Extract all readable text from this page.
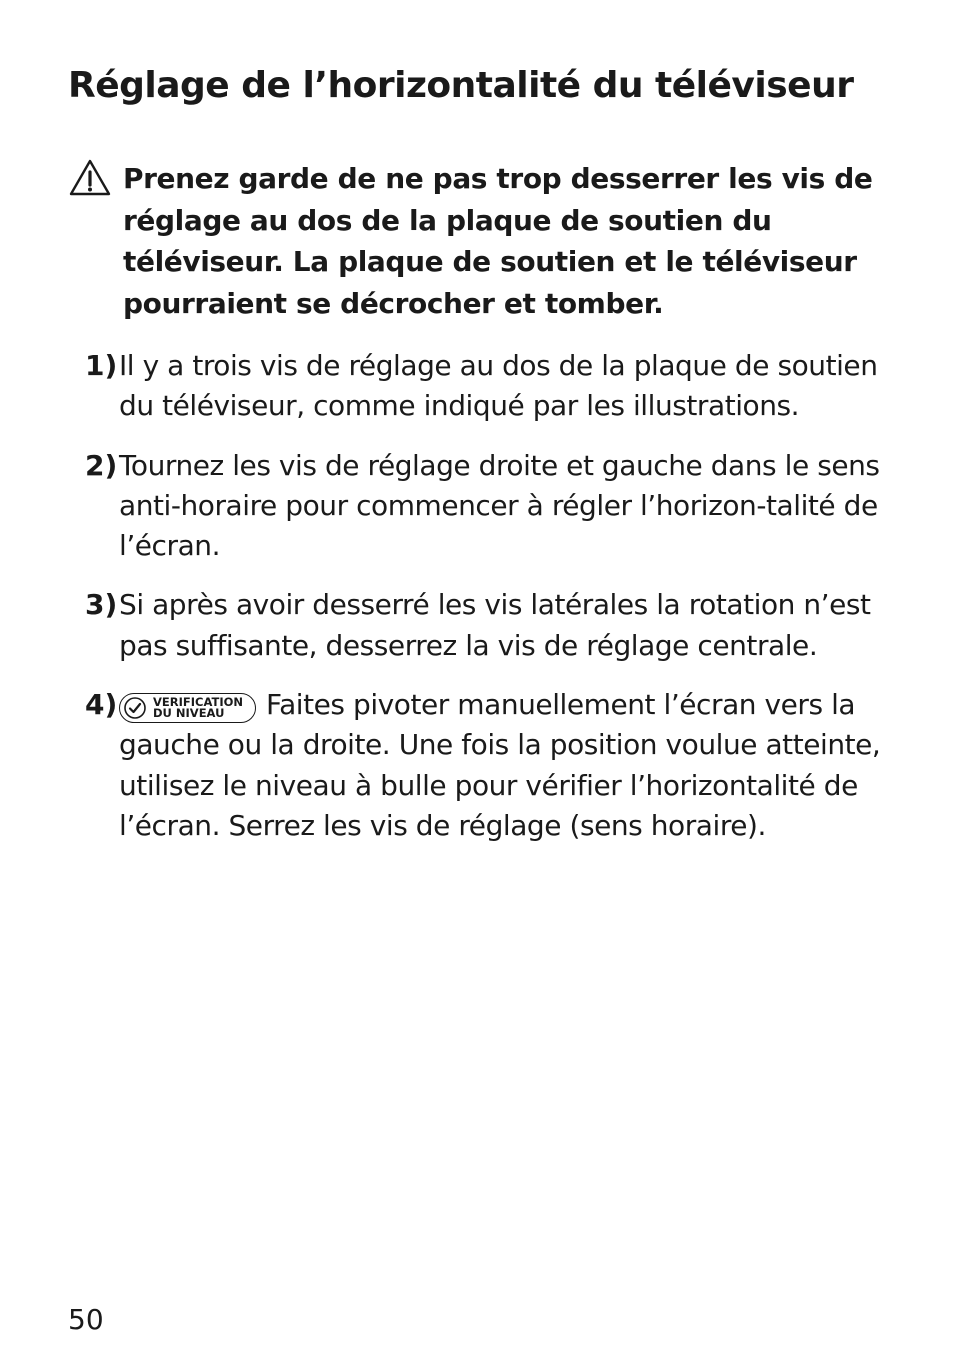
Réglage de l’horizontalité du téléviseur

Prenez garde de ne pas trop desserrer les vis de réglage au dos de la plaque de soutien du téléviseur. La plaque de soutien et le téléviseur pourraient se décrocher et tomber.

1) Il y a trois vis de réglage au dos de la plaque de soutien du téléviseur, comme indiqué par les illustrations.

2) Tournez les vis de réglage droite et gauche dans le sens anti-horaire pour commencer à régler l’horizon-talité de l’écran.

3) Si après avoir desserré les vis latérales la rotation n’est pas suffisante, desserrez la vis de réglage centrale.

4)	VERIFICATION
DU NIVEAU	Faites pivoter manuellement l’écran vers la gauche ou la droite. Une fois la position voulue atteinte, utilisez le niveau à bulle pour vérifier l’horizontalité de l’écran. Serrez les vis de réglage (sens horaire).

50
